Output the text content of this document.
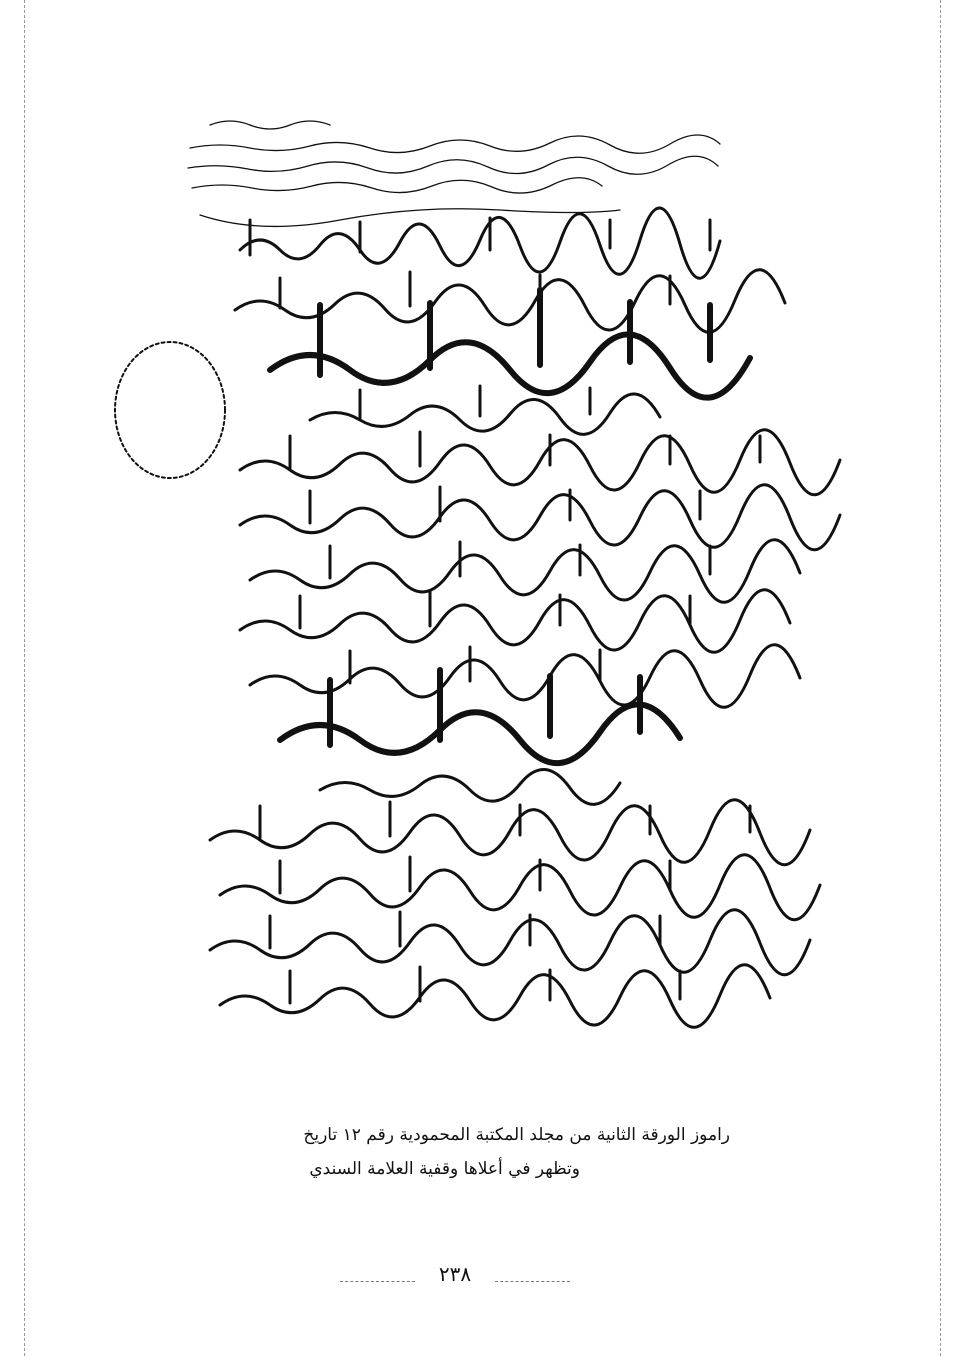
راموز الورقة الثانية من مجلد المكتبة المحمودية رقم ١٢ تاريخ
وتظهر في أعلاها وقفية العلامة السندي
٢٣٨
